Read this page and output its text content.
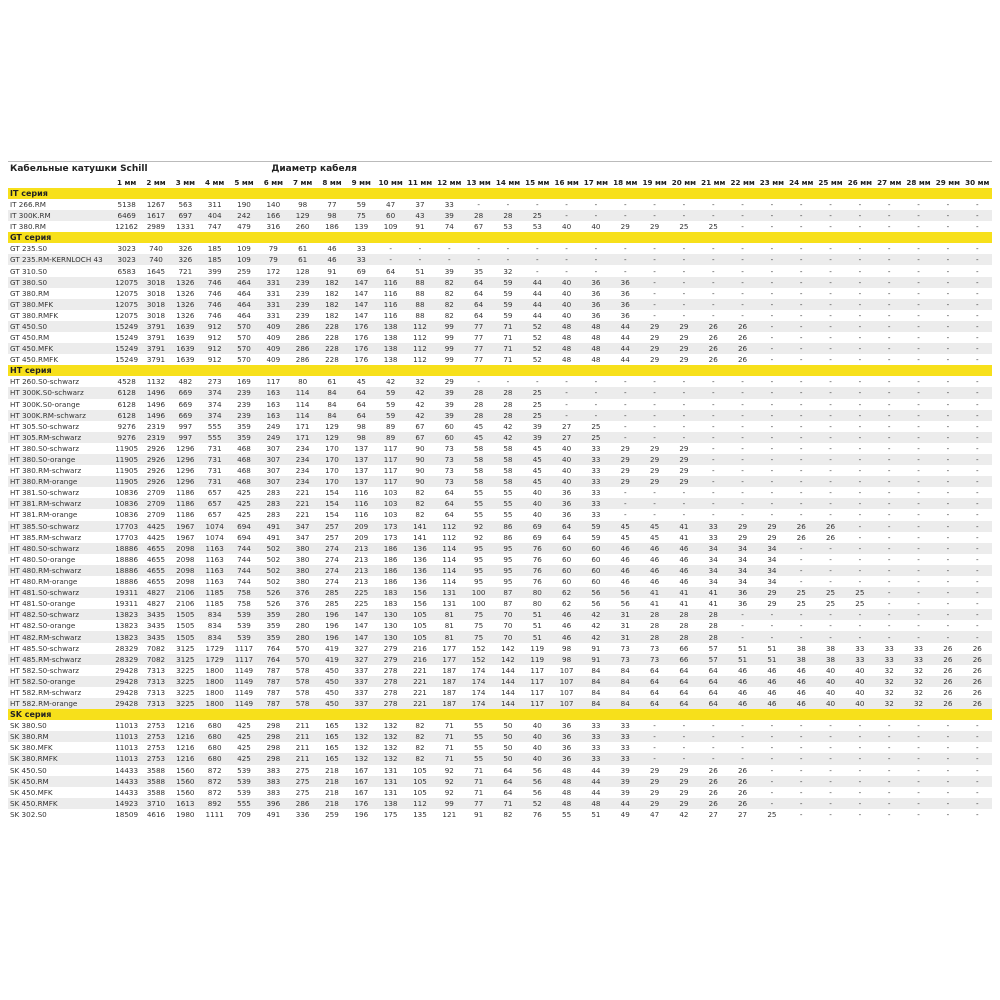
Кабельные катушки Schill					Диаметр кабеля																									
	1 мм	2 мм	3 мм	4 мм	5 мм	6 мм	7 мм	8 мм	9 мм	10 мм	11 мм	12 мм	13 мм	14 мм	15 мм	16 мм	17 мм	18 мм	19 мм	20 мм	21 мм	22 мм	23 мм	24 мм	25 мм	26 мм	27 мм	28 мм	29 мм	30 мм
IT серия																														
IT 266.RM	5138	1267	563	311	190	140	98	77	59	47	37	33	-	-	-	-	-	-	-	-	-	-	-	-	-	-	-	-	-	-
IT 300K.RM	6469	1617	697	404	242	166	129	98	75	60	43	39	28	28	25	-	-	-	-	-	-	-	-	-	-	-	-	-	-	-
IT 380.RM	12162	2989	1331	747	479	316	260	186	139	109	91	74	67	53	53	40	40	29	29	25	25	-	-	-	-	-	-	-	-	-
GT серия																														
GT 235.S0	3023	740	326	185	109	79	61	46	33	-	-	-	-	-	-	-	-	-	-	-	-	-	-	-	-	-	-	-	-	-
GT 235.RM-KERNLOCH 43	3023	740	326	185	109	79	61	46	33	-	-	-	-	-	-	-	-	-	-	-	-	-	-	-	-	-	-	-	-	-
GT 310.S0	6583	1645	721	399	259	172	128	91	69	64	51	39	35	32	-	-	-	-	-	-	-	-	-	-	-	-	-	-	-	-
GT 380.S0	12075	3018	1326	746	464	331	239	182	147	116	88	82	64	59	44	40	36	36	-	-	-	-	-	-	-	-	-	-	-	-
GT 380.RM	12075	3018	1326	746	464	331	239	182	147	116	88	82	64	59	44	40	36	36	-	-	-	-	-	-	-	-	-	-	-	-
GT 380.MFK	12075	3018	1326	746	464	331	239	182	147	116	88	82	64	59	44	40	36	36	-	-	-	-	-	-	-	-	-	-	-	-
GT 380.RMFK	12075	3018	1326	746	464	331	239	182	147	116	88	82	64	59	44	40	36	36	-	-	-	-	-	-	-	-	-	-	-	-
GT 450.S0	15249	3791	1639	912	570	409	286	228	176	138	112	99	77	71	52	48	48	44	29	29	26	26	-	-	-	-	-	-	-	-
GT 450.RM	15249	3791	1639	912	570	409	286	228	176	138	112	99	77	71	52	48	48	44	29	29	26	26	-	-	-	-	-	-	-	-
GT 450.MFK	15249	3791	1639	912	570	409	286	228	176	138	112	99	77	71	52	48	48	44	29	29	26	26	-	-	-	-	-	-	-	-
GT 450.RMFK	15249	3791	1639	912	570	409	286	228	176	138	112	99	77	71	52	48	48	44	29	29	26	26	-	-	-	-	-	-	-	-
HT серия																														
HT 260.S0-schwarz	4528	1132	482	273	169	117	80	61	45	42	32	29	-	-	-	-	-	-	-	-	-	-	-	-	-	-	-	-	-	-
HT 300K.S0-schwarz	6128	1496	669	374	239	163	114	84	64	59	42	39	28	28	25	-	-	-	-	-	-	-	-	-	-	-	-	-	-	-
HT 300K.S0-orange	6128	1496	669	374	239	163	114	84	64	59	42	39	28	28	25	-	-	-	-	-	-	-	-	-	-	-	-	-	-	-
HT 300K.RM-schwarz	6128	1496	669	374	239	163	114	84	64	59	42	39	28	28	25	-	-	-	-	-	-	-	-	-	-	-	-	-	-	-
HT 305.S0-schwarz	9276	2319	997	555	359	249	171	129	98	89	67	60	45	42	39	27	25	-	-	-	-	-	-	-	-	-	-	-	-	-
HT 305.RM-schwarz	9276	2319	997	555	359	249	171	129	98	89	67	60	45	42	39	27	25	-	-	-	-	-	-	-	-	-	-	-	-	-
HT 380.S0-schwarz	11905	2926	1296	731	468	307	234	170	137	117	90	73	58	58	45	40	33	29	29	29	-	-	-	-	-	-	-	-	-	-
HT 380.S0-orange	11905	2926	1296	731	468	307	234	170	137	117	90	73	58	58	45	40	33	29	29	29	-	-	-	-	-	-	-	-	-	-
HT 380.RM-schwarz	11905	2926	1296	731	468	307	234	170	137	117	90	73	58	58	45	40	33	29	29	29	-	-	-	-	-	-	-	-	-	-
HT 380.RM-orange	11905	2926	1296	731	468	307	234	170	137	117	90	73	58	58	45	40	33	29	29	29	-	-	-	-	-	-	-	-	-	-
HT 381.S0-schwarz	10836	2709	1186	657	425	283	221	154	116	103	82	64	55	55	40	36	33	-	-	-	-	-	-	-	-	-	-	-	-	-
HT 381.RM-schwarz	10836	2709	1186	657	425	283	221	154	116	103	82	64	55	55	40	36	33	-	-	-	-	-	-	-	-	-	-	-	-	-
HT 381.RM-orange	10836	2709	1186	657	425	283	221	154	116	103	82	64	55	55	40	36	33	-	-	-	-	-	-	-	-	-	-	-	-	-
HT 385.S0-schwarz	17703	4425	1967	1074	694	491	347	257	209	173	141	112	92	86	69	64	59	45	45	41	33	29	29	26	26	-	-	-	-	-
HT 385.RM-schwarz	17703	4425	1967	1074	694	491	347	257	209	173	141	112	92	86	69	64	59	45	45	41	33	29	29	26	26	-	-	-	-	-
HT 480.S0-schwarz	18886	4655	2098	1163	744	502	380	274	213	186	136	114	95	95	76	60	60	46	46	46	34	34	34	-	-	-	-	-	-	-
HT 480.S0-orange	18886	4655	2098	1163	744	502	380	274	213	186	136	114	95	95	76	60	60	46	46	46	34	34	34	-	-	-	-	-	-	-
HT 480.RM-schwarz	18886	4655	2098	1163	744	502	380	274	213	186	136	114	95	95	76	60	60	46	46	46	34	34	34	-	-	-	-	-	-	-
HT 480.RM-orange	18886	4655	2098	1163	744	502	380	274	213	186	136	114	95	95	76	60	60	46	46	46	34	34	34	-	-	-	-	-	-	-
HT 481.S0-schwarz	19311	4827	2106	1185	758	526	376	285	225	183	156	131	100	87	80	62	56	56	41	41	41	36	29	25	25	25	-	-	-	-
HT 481.S0-orange	19311	4827	2106	1185	758	526	376	285	225	183	156	131	100	87	80	62	56	56	41	41	41	36	29	25	25	25	-	-	-	-
HT 482.S0-schwarz	13823	3435	1505	834	539	359	280	196	147	130	105	81	75	70	51	46	42	31	28	28	28	-	-	-	-	-	-	-	-	-
HT 482.S0-orange	13823	3435	1505	834	539	359	280	196	147	130	105	81	75	70	51	46	42	31	28	28	28	-	-	-	-	-	-	-	-	-
HT 482.RM-schwarz	13823	3435	1505	834	539	359	280	196	147	130	105	81	75	70	51	46	42	31	28	28	28	-	-	-	-	-	-	-	-	-
HT 485.S0-schwarz	28329	7082	3125	1729	1117	764	570	419	327	279	216	177	152	142	119	98	91	73	73	66	57	51	51	38	38	33	33	33	26	26
HT 485.RM-schwarz	28329	7082	3125	1729	1117	764	570	419	327	279	216	177	152	142	119	98	91	73	73	66	57	51	51	38	38	33	33	33	26	26
HT 582.S0-schwarz	29428	7313	3225	1800	1149	787	578	450	337	278	221	187	174	144	117	107	84	84	64	64	64	46	46	46	40	40	32	32	26	26
HT 582.S0-orange	29428	7313	3225	1800	1149	787	578	450	337	278	221	187	174	144	117	107	84	84	64	64	64	46	46	46	40	40	32	32	26	26
HT 582.RM-schwarz	29428	7313	3225	1800	1149	787	578	450	337	278	221	187	174	144	117	107	84	84	64	64	64	46	46	46	40	40	32	32	26	26
HT 582.RM-orange	29428	7313	3225	1800	1149	787	578	450	337	278	221	187	174	144	117	107	84	84	64	64	64	46	46	46	40	40	32	32	26	26
SK серия																														
SK 380.S0	11013	2753	1216	680	425	298	211	165	132	132	82	71	55	50	40	36	33	33	-	-	-	-	-	-	-	-	-	-	-	-
SK 380.RM	11013	2753	1216	680	425	298	211	165	132	132	82	71	55	50	40	36	33	33	-	-	-	-	-	-	-	-	-	-	-	-
SK 380.MFK	11013	2753	1216	680	425	298	211	165	132	132	82	71	55	50	40	36	33	33	-	-	-	-	-	-	-	-	-	-	-	-
SK 380.RMFK	11013	2753	1216	680	425	298	211	165	132	132	82	71	55	50	40	36	33	33	-	-	-	-	-	-	-	-	-	-	-	-
SK 450.S0	14433	3588	1560	872	539	383	275	218	167	131	105	92	71	64	56	48	44	39	29	29	26	26	-	-	-	-	-	-	-	-
SK 450.RM	14433	3588	1560	872	539	383	275	218	167	131	105	92	71	64	56	48	44	39	29	29	26	26	-	-	-	-	-	-	-	-
SK 450.MFK	14433	3588	1560	872	539	383	275	218	167	131	105	92	71	64	56	48	44	39	29	29	26	26	-	-	-	-	-	-	-	-
SK 450.RMFK	14923	3710	1613	892	555	396	286	218	176	138	112	99	77	71	52	48	48	44	29	29	26	26	-	-	-	-	-	-	-	-
SK 302.S0	18509	4616	1980	1111	709	491	336	259	196	175	135	121	91	82	76	55	51	49	47	42	27	27	25	-	-	-	-	-	-	-
